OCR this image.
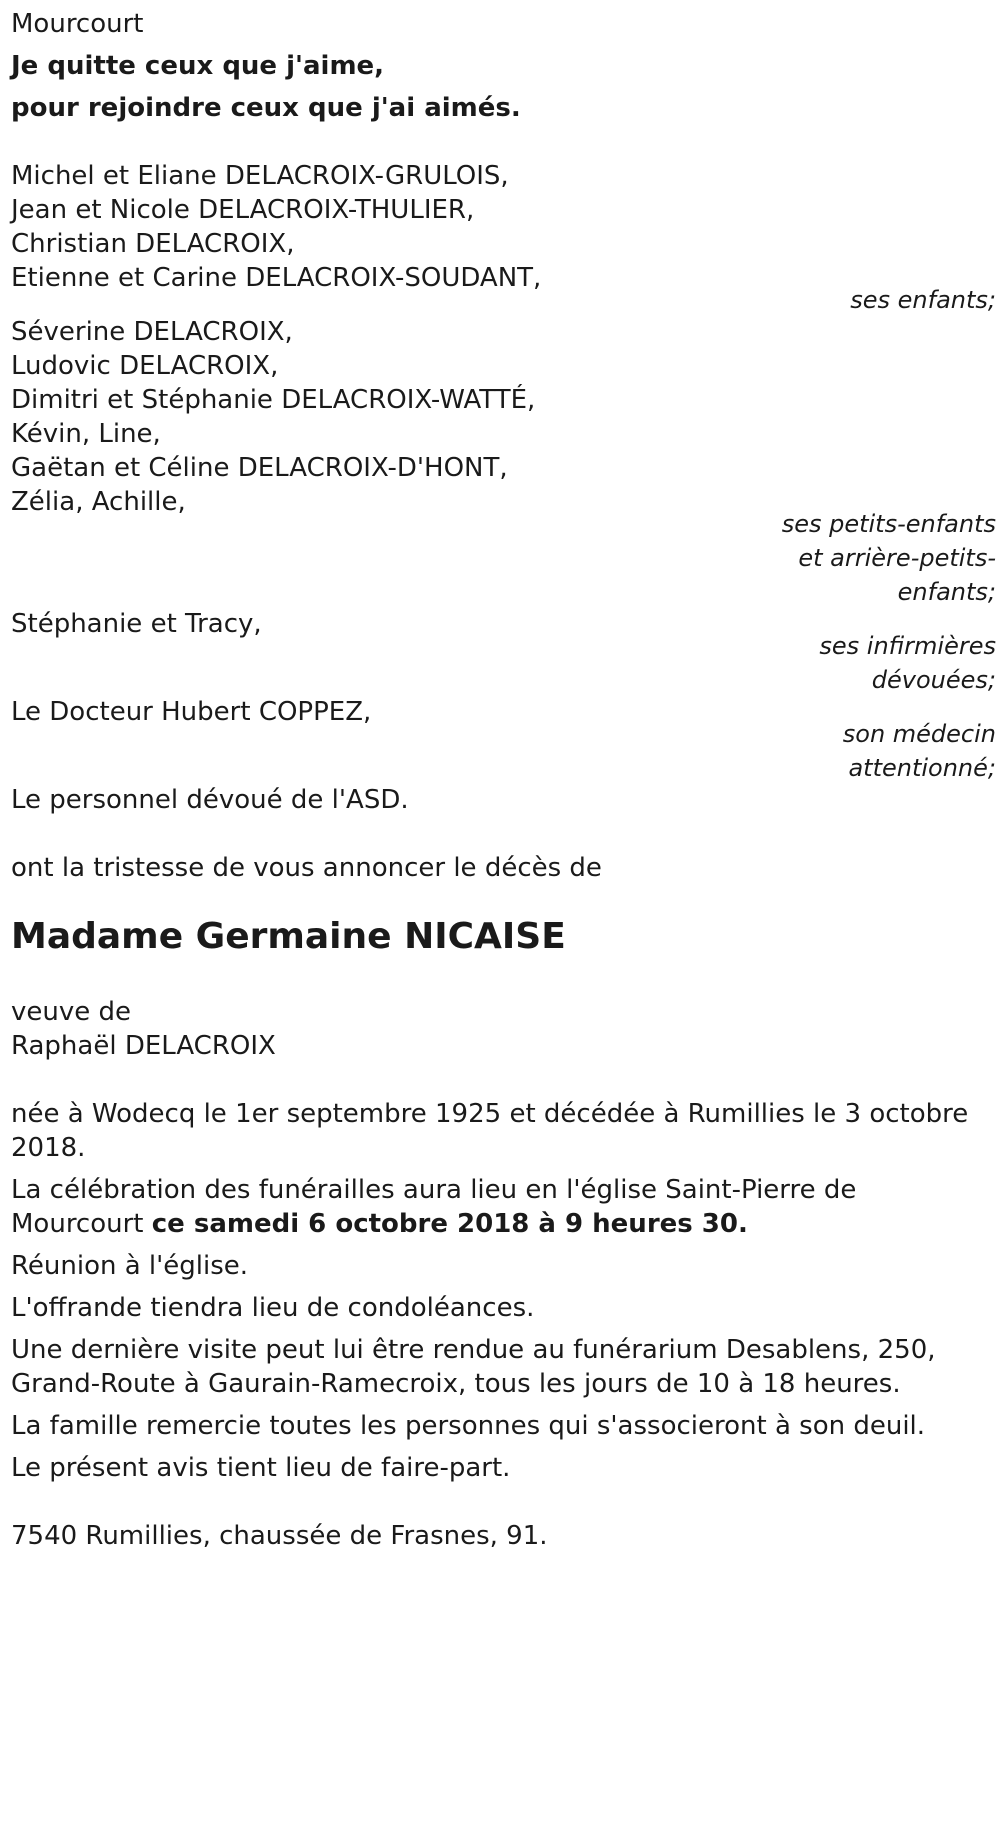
Mourcourt
Je quitte ceux que j'aime,
pour rejoindre ceux que j'ai aimés.
Michel et Eliane DELACROIX-GRULOIS,
Jean et Nicole DELACROIX-THULIER,
Christian DELACROIX,
Etienne et Carine DELACROIX-SOUDANT,
ses enfants;
Séverine DELACROIX,
Ludovic DELACROIX,
Dimitri et Stéphanie DELACROIX-WATTÉ,
Kévin, Line,
Gaëtan et Céline DELACROIX-D'HONT,
Zélia, Achille,
ses petits-enfants
et arrière-petits-
enfants;
Stéphanie et Tracy,
ses infirmières
dévouées;
Le Docteur Hubert COPPEZ,
son médecin
attentionné;
Le personnel dévoué de l'ASD.
ont la tristesse de vous annoncer le décès de
Madame Germaine NICAISE
veuve de
Raphaël DELACROIX
née à Wodecq le 1er septembre 1925 et décédée à Rumillies le 3 octobre
2018.
La célébration des funérailles aura lieu en l'église Saint-Pierre de
Mourcourt ce samedi 6 octobre 2018 à 9 heures 30.
Réunion à l'église.
L'offrande tiendra lieu de condoléances.
Une dernière visite peut lui être rendue au funérarium Desablens, 250,
Grand-Route à Gaurain-Ramecroix, tous les jours de 10 à 18 heures.
La famille remercie toutes les personnes qui s'associeront à son deuil.
Le présent avis tient lieu de faire-part.
7540 Rumillies, chaussée de Frasnes, 91.
